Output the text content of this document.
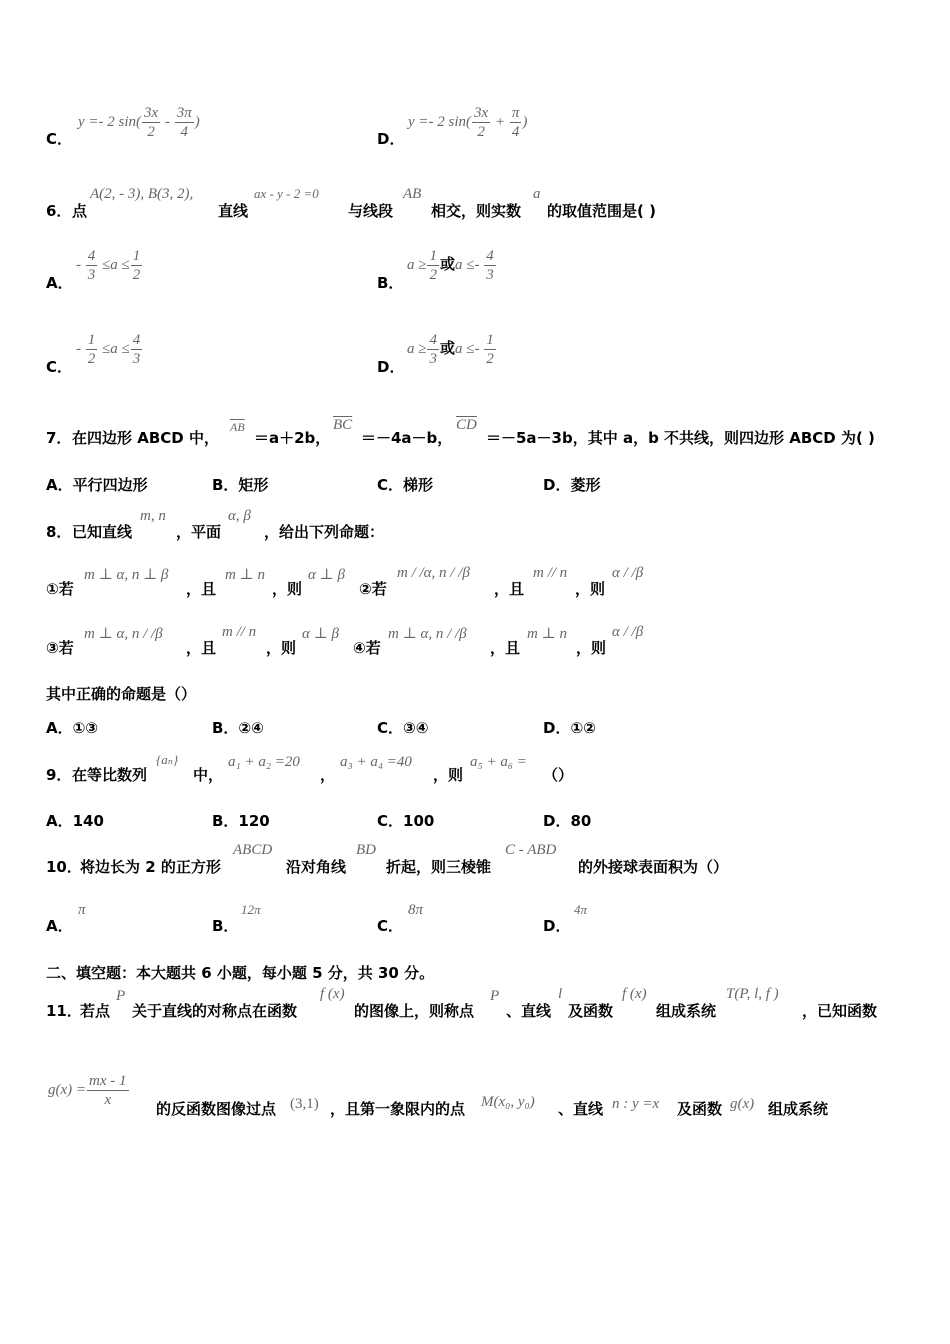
C．
y =- 2 $\sin( \frac{3x}{2} - \frac{3\pi}{4}$ )
D．
y =- 2 $\sin( \frac{3x}{2} + \frac{\pi}{4}$ )
6． 点
A(2, - 3), B(3, 2),
直线
ax - y - 2 =0
与线段
AB
相交，则实数
a
的取值范围是( )
A．
- $\frac{4}{3} \le a \le \frac{1}{2}$	B．
$a \ge \frac{1}{2}$ 或$a \le- \frac{4}{3}$
C．
- $\frac{1}{2} \le a \le \frac{4}{3}$	D．
$a \ge \frac{4}{3}$ 或$a \le- \frac{1}{2}$
7． 在四边形 ABCD 中，
$\overline{AB}$
＝a＋2b，
$\overline{BC}$
＝－4a－b，
$\overline{CD}$
＝－5a－3b，其中 a，b 不共线，则四边形 ABCD 为( )
A．平行四边形	B．矩形	C．梯形	D．菱形
8． 已知直线
m, n
，平面
α, β
，给出下列命题：
①若
m ⊥ α, n ⊥ β
，且
m ⊥ n
，则
α ⊥ β
②若
m / /α, n / /β
，且
m // n
，则
α / /β
③若
m ⊥ α, n / /β
，且
m // n
，则
α ⊥ β
④若
m ⊥ α, n / /β
，且
m ⊥ n
，则
α / /β
其中正确的命题是（）
A．①③	B．②④	C．③④	D．①②
9． 在等比数列
{aₙ}
中，
a₁ + a₂ =20
，
a₃ + a₄ =40
，则
a₅ + a₆ =
（）
A．140	B．120	C．100	D．80
10．
将边长为 2 的正方形
ABCD
沿对角线
BD
折起，则三棱锥
C - ABD
的外接球表面积为（）
A．
π
B．
12π
C．
8π
D．
4π
二、填空题：本大题共 6 小题，每小题 5 分，共 30 分。
11．
若点
P
关于直线的对称点在函数
f (x)
的图像上，则称点
P
、直线
l
及函数
f (x)
组成系统
T(P, l, f )
，已知函数
$g(x) = \frac{mx - 1}{x}$ 的反函数图像过点 (3,1) ，且第一象限内的点 M(x₀, y₀) 、直线 n : y =x 及函数 g(x) 组成系统
